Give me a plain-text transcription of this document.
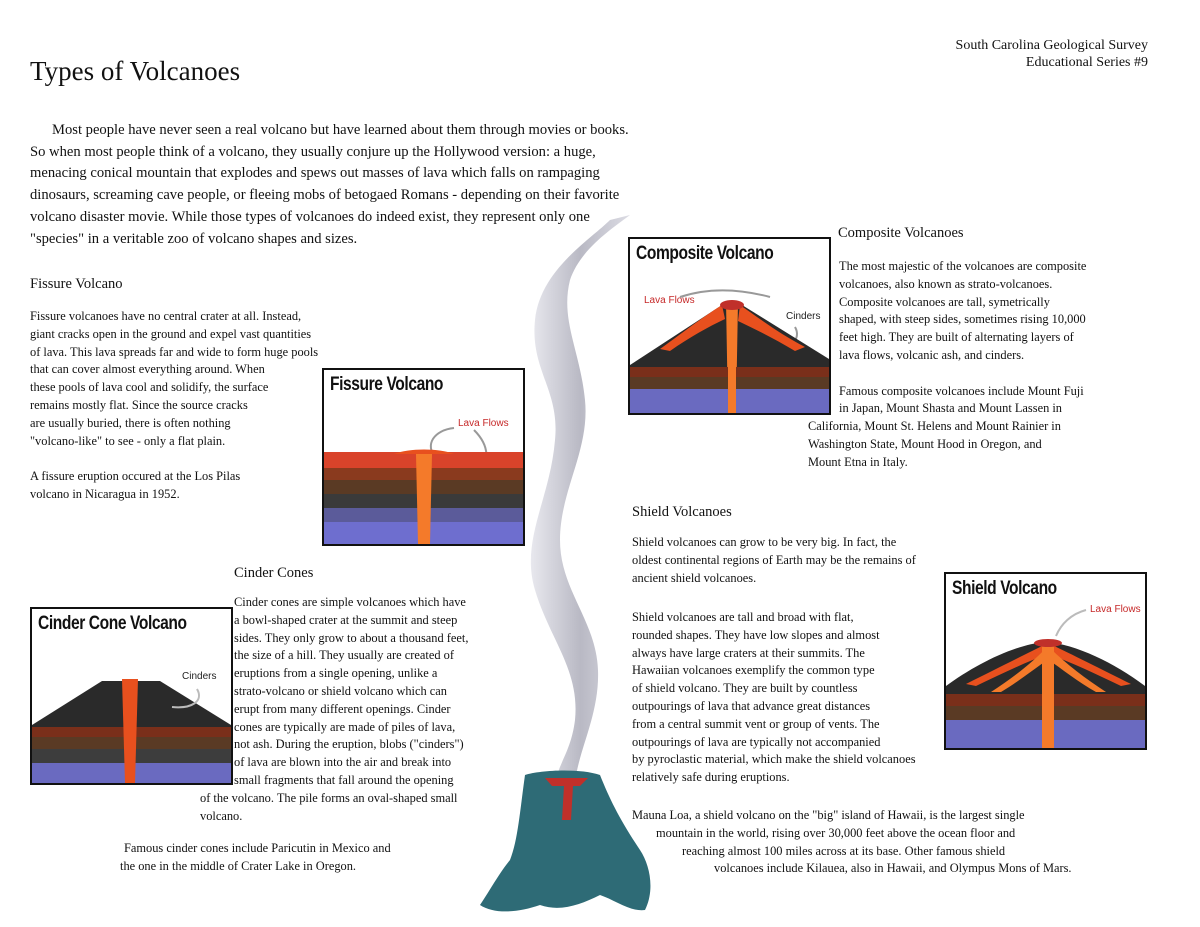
Types of Volcanoes
South Carolina Geological Survey
Educational Series #9
Most people have never seen a real volcano but have learned about them through movies or books.
So when most people think of a volcano, they usually conjure up the Hollywood version: a huge,
menacing conical mountain that explodes and spews out masses of lava which falls on rampaging
dinosaurs, screaming cave people, or fleeing mobs of betogaed Romans - depending on their favorite
volcano disaster movie. While those types of volcanoes do indeed exist, they represent only one
"species" in a veritable zoo of volcano shapes and sizes.
Fissure Volcano
Fissure volcanoes have no central crater at all. Instead,
giant cracks open in the ground and expel vast quantities
of lava. This lava spreads far and wide to form huge pools
that can cover almost everything around. When
these pools of lava cool and solidify, the surface
remains mostly flat. Since the source cracks
are usually buried, there is often nothing
"volcano-like" to see - only a flat plain.
A fissure eruption occured at the Los Pilas
volcano in Nicaragua in 1952.
Fissure Volcano
Lava Flows
Cinder Cones
Cinder cones are simple volcanoes which have
a bowl-shaped crater at the summit and steep
sides. They only grow to about a thousand feet,
the size of a hill. They usually are created of
eruptions from a single opening, unlike a
strato-volcano or shield volcano which can
erupt from many different openings. Cinder
cones are typically are made of piles of lava,
not ash. During the eruption, blobs ("cinders")
of lava are blown into the air and break into
small fragments that fall around the opening
of the volcano. The pile forms an oval-shaped small
volcano.
Famous cinder cones include Paricutin in Mexico and
the one in the middle of Crater Lake in Oregon.
Cinder Cone Volcano
Cinders
Composite Volcanoes
The most majestic of the volcanoes are composite
volcanoes, also known as strato-volcanoes.
Composite volcanoes are tall, symetrically
shaped, with steep sides, sometimes rising 10,000
feet high. They are built of alternating layers of
lava flows, volcanic ash, and cinders.
Famous composite volcanoes include Mount Fuji
in Japan, Mount Shasta and Mount Lassen in
California, Mount St. Helens and Mount Rainier in
Washington State, Mount Hood in Oregon, and
Mount Etna in Italy.
Composite Volcano
Lava Flows
Cinders
Shield Volcanoes
Shield volcanoes can grow to be very big. In fact, the
oldest continental regions of Earth may be the remains of
ancient shield volcanoes.
Shield volcanoes are tall and broad with flat,
rounded shapes. They have low slopes and almost
always have large craters at their summits. The
Hawaiian volcanoes exemplify the common type
of shield volcano. They are built by countless
outpourings of lava that advance great distances
from a central summit vent or group of vents. The
outpourings of lava are typically not accompanied
by pyroclastic material, which make the shield volcanoes
relatively safe during eruptions.
Mauna Loa, a shield volcano on the "big" island of Hawaii, is the largest single
mountain in the world, rising over 30,000 feet above the ocean floor and
reaching almost 100 miles across at its base. Other famous shield
volcanoes include Kilauea, also in Hawaii, and Olympus Mons of Mars.
Shield Volcano
Lava Flows
